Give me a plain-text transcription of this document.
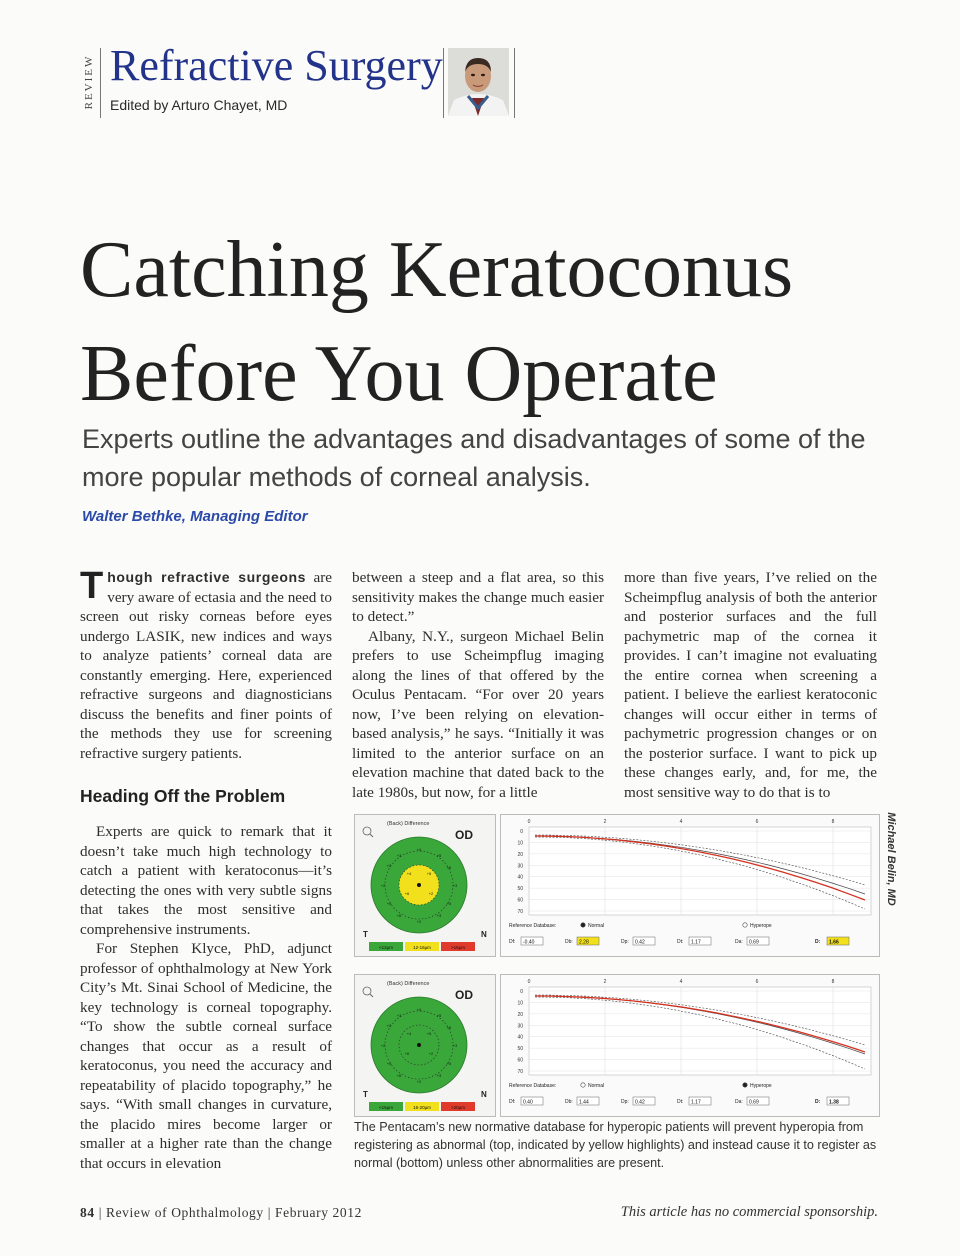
REVIEW Refractive Surgery
Edited by Arturo Chayet, MD
Catching Keratoconus
Before You Operate
Experts outline the advantages and disadvantages of some of the more popular methods of corneal analysis.
Walter Bethke, Managing Editor

Though refractive surgeons are very aware of ectasia and the need to screen out risky corneas before eyes undergo LASIK, new indices and ways to analyze patients’ corneal data are constantly emerging. Here, experienced refractive surgeons and diagnosticians discuss the benefits and finer points of the methods they use for screening refractive surgery patients.

Heading Off the Problem

Experts are quick to remark that it doesn’t take much high technology to catch a patient with keratoconus—it’s detecting the ones with very subtle signs that takes the most sensitive and comprehensive instruments.

For Stephen Klyce, PhD, adjunct professor of ophthalmology at New York City’s Mt. Sinai School of Medicine, the key technology is corneal topography. “To show the subtle corneal surface changes that occur as a result of keratoconus, you need the accuracy and repeatability of placido topography,” he says. “With small changes in curvature, the placido mires become larger or smaller at a higher rate than the change that occurs in elevation

between a steep and a flat area, so this sensitivity makes the change much easier to detect.”

Albany, N.Y., surgeon Michael Belin prefers to use Scheimpflug imaging along the lines of that offered by the Oculus Pentacam. “For over 20 years now, I’ve been relying on elevation-based analysis,” he says. “Initially it was limited to the anterior surface on an elevation machine that dated back to the late 1980s, but now, for a little

more than five years, I’ve relied on the Scheimpflug analysis of both the anterior and posterior surfaces and the full pachymetric map of the cornea it provides. I can’t imagine not evaluating the entire cornea when screening a patient. I believe the earliest keratoconic changes will occur either in terms of pachymetric progression changes or on the posterior surface. I want to pick up these changes early, and, for me, the most sensitive way to do that is to

(Back) Difference
OD
+2
+3
+4
+5
+6
+2	+3
+4	+5
+6
+2
+3
+4	+5
+6	+2
T	N
<12µm	12-16µm	>16µm
0	2	4	6	8
0
10
20
30
40
50
60
70
Reference Database:	Normal	Hyperope
Df: -0.40	Db: 2.28	Dp: 0.42	Dt: 1.17	Da: 0.69	D: 1.66
(Back) Difference
OD
+2
+3
+4
+5
+6
+2	+3
+4	+5
+6
+2
+3
+4	+5
+6	+2
T	N
<16µm	16-20µm	>20µm
0	2	4	6	8
0
10
20
30
40
50
60
70
Reference Database:	Normal	Hyperope
Df: 0.40	Db: 1.44	Dp: 0.42	Dt: 1.17	Da: 0.69	D: 1.38
Michael Belin, MD
The Pentacam’s new normative database for hyperopic patients will prevent hyperopia from registering as abnormal (top, indicated by yellow highlights) and instead cause it to register as normal (bottom) unless other abnormalities are present.
84 | Review of Ophthalmology | February 2012	This article has no commercial sponsorship.
